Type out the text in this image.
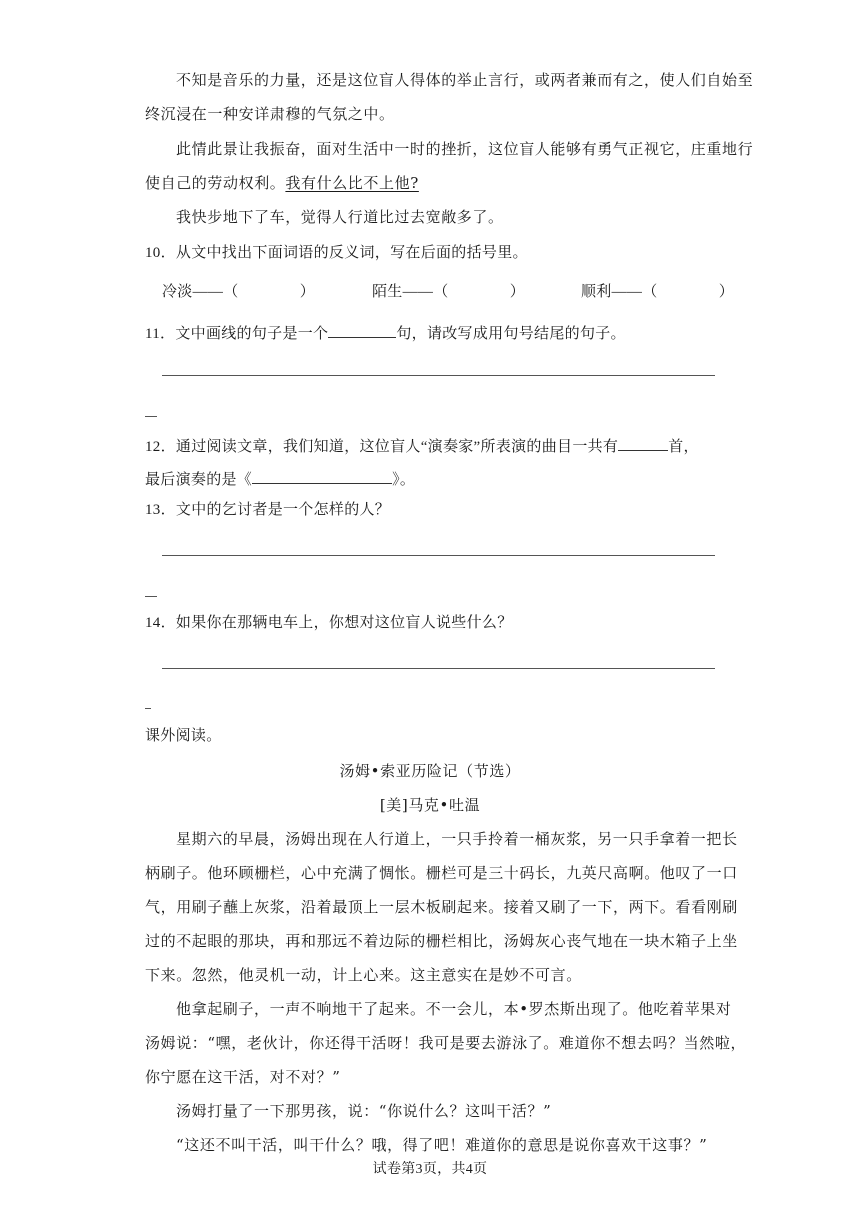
不知是音乐的力量，还是这位盲人得体的举止言行，或两者兼而有之，使人们自始至
终沉浸在一种安详肃穆的气氛之中。
此情此景让我振奋，面对生活中一时的挫折，这位盲人能够有勇气正视它，庄重地行
使自己的劳动权利。我有什么比不上他?
我快步地下了车，觉得人行道比过去宽敞多了。
10．从文中找出下面词语的反义词，写在后面的括号里。
冷淡——（　　　　）	陌生——（　　　　）	顺利——（　　　　）
11．文中画线的句子是一个	句，请改写成用句号结尾的句子。
12．通过阅读文章，我们知道，这位盲人“演奏家”所表演的曲目一共有	首，
最后演奏的是《	》。
13．文中的乞讨者是一个怎样的人？
14．如果你在那辆电车上，你想对这位盲人说些什么？
课外阅读。
汤姆•索亚历险记（节选）
[美]马克•吐温
星期六的早晨，汤姆出现在人行道上，一只手拎着一桶灰浆，另一只手拿着一把长
柄刷子。他环顾栅栏，心中充满了惆怅。栅栏可是三十码长，九英尺高啊。他叹了一口
气，用刷子蘸上灰浆，沿着最顶上一层木板刷起来。接着又刷了一下，两下。看看刚刷
过的不起眼的那块，再和那远不着边际的栅栏相比，汤姆灰心丧气地在一块木箱子上坐
下来。忽然，他灵机一动，计上心来。这主意实在是妙不可言。
他拿起刷子，一声不响地干了起来。不一会儿，本•罗杰斯出现了。他吃着苹果对
汤姆说：“嘿，老伙计，你还得干活呀！我可是要去游泳了。难道你不想去吗？当然啦，
你宁愿在这干活，对不对？”
汤姆打量了一下那男孩，说：“你说什么？这叫干活？”
“这还不叫干活，叫干什么？哦，得了吧！难道你的意思是说你喜欢干这事？”
试卷第3页，共4页
